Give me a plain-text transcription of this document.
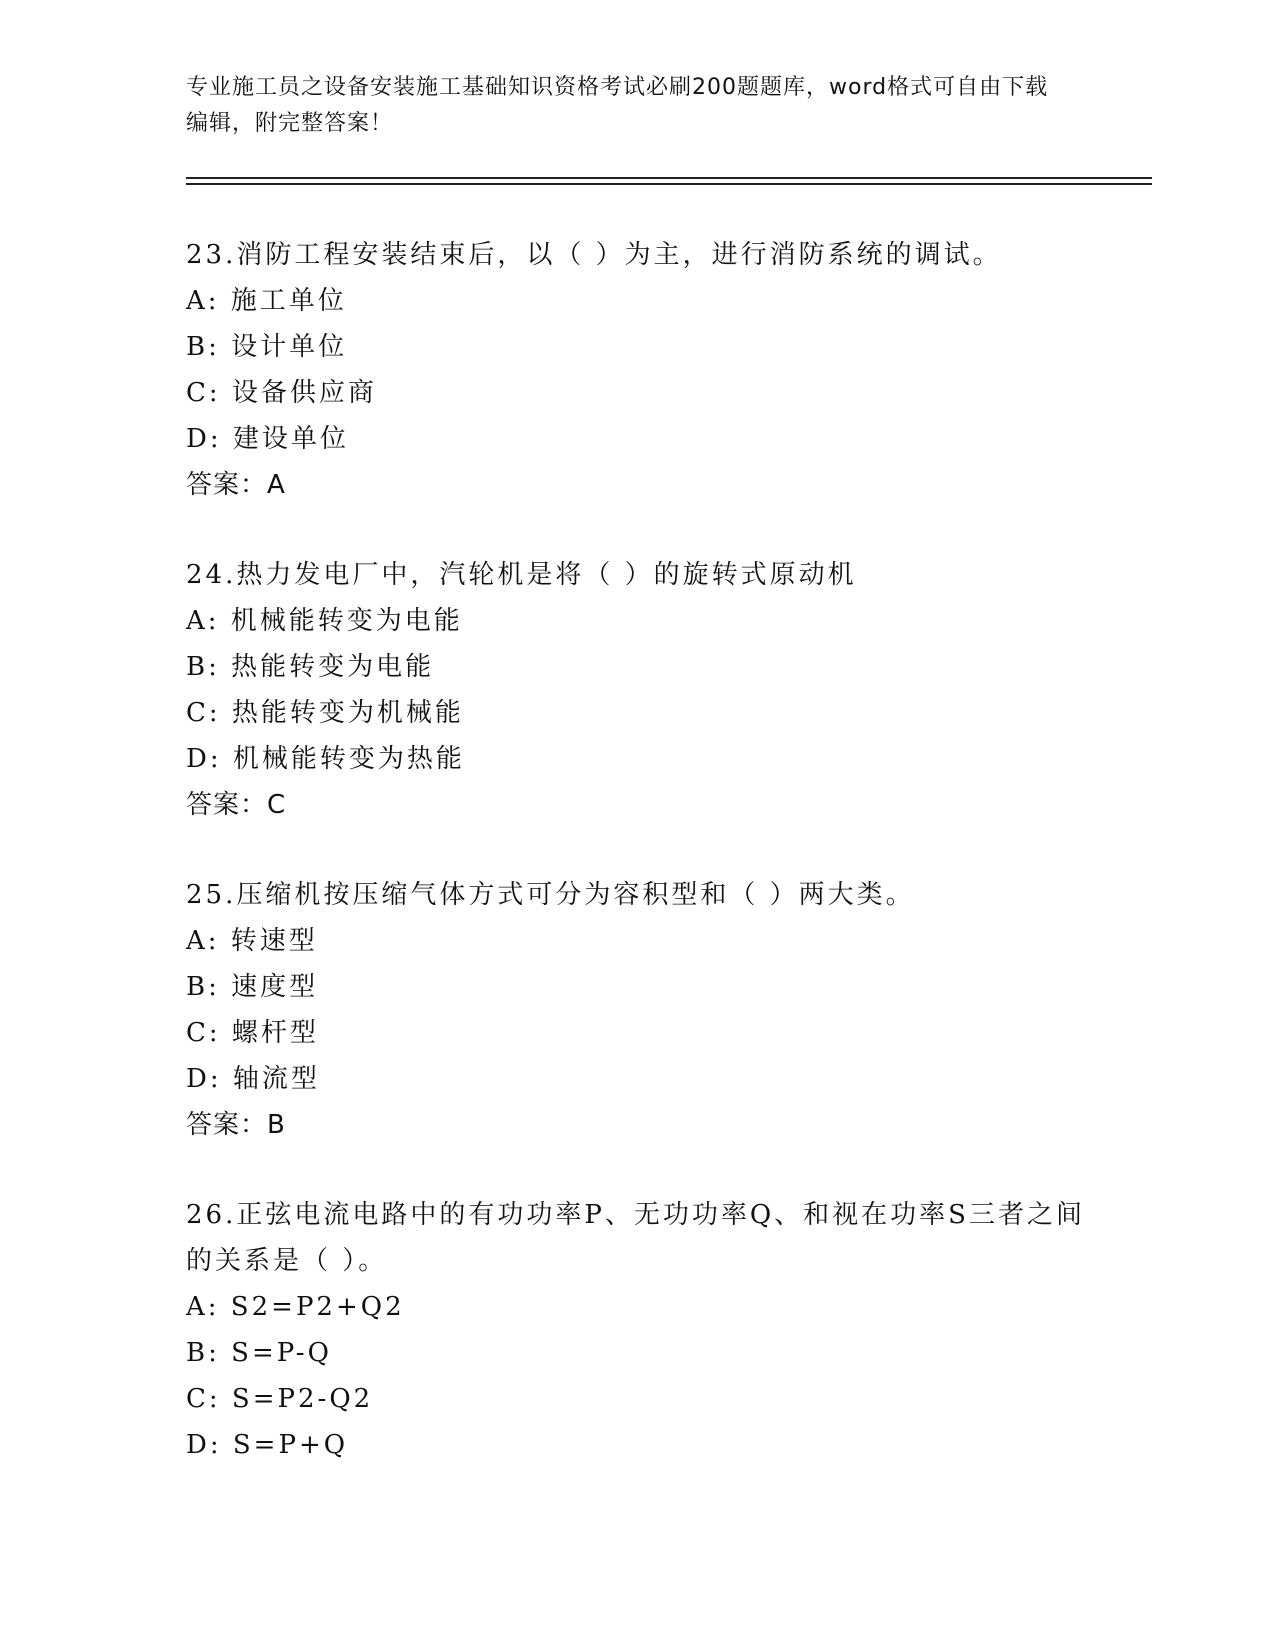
专业施工员之设备安装施工基础知识资格考试必刷200题题库，word格式可自由下载编辑，附完整答案！

23.消防工程安装结束后，以（ ）为主，进行消防系统的调试。

A: 施工单位

B: 设计单位

C: 设备供应商

D: 建设单位

答案：A

24.热力发电厂中，汽轮机是将（ ）的旋转式原动机

A: 机械能转变为电能

B: 热能转变为电能

C: 热能转变为机械能

D: 机械能转变为热能

答案：C

25.压缩机按压缩气体方式可分为容积型和（ ）两大类。

A: 转速型

B: 速度型

C: 螺杆型

D: 轴流型

答案：B

26.正弦电流电路中的有功功率P、无功功率Q、和视在功率S三者之间的关系是（ ）。

A: S2=P2+Q2

B: S=P-Q

C: S=P2-Q2

D: S=P+Q
